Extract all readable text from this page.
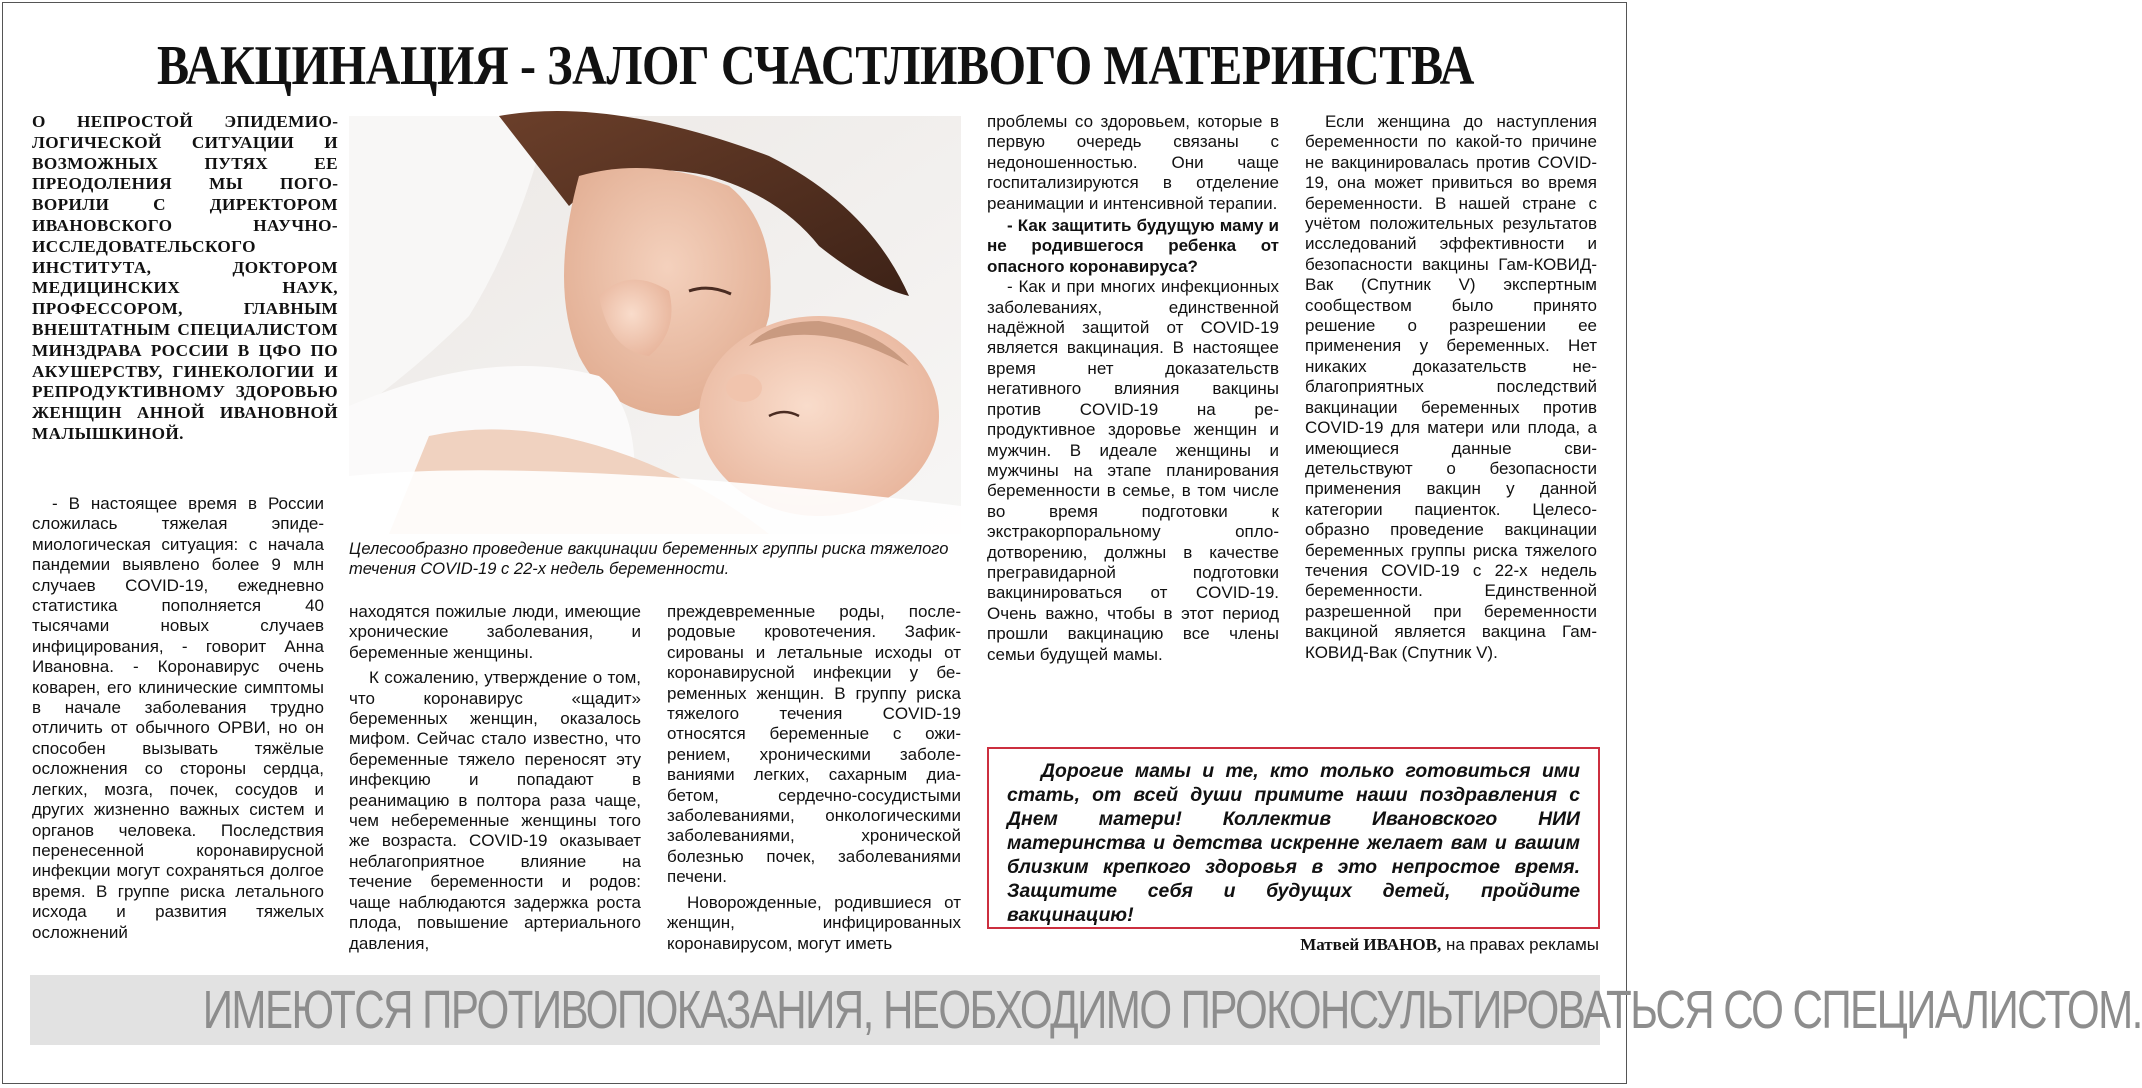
ВАКЦИНАЦИЯ - ЗАЛОГ СЧАСТЛИВОГО МАТЕРИНСТВА
О НЕПРОСТОЙ ЭПИДЕМИОЛОГИЧЕСКОЙ СИТУАЦИИ И ВОЗМОЖНЫХ ПУТЯХ ЕЕ ПРЕОДОЛЕНИЯ МЫ ПОГОВОРИЛИ С ДИРЕКТОРОМ ИВАНОВСКОГО НАУЧНО-ИССЛЕДОВАТЕЛЬСКОГО ИНСТИТУТА, ДОКТОРОМ МЕДИЦИНСКИХ НАУК, ПРОФЕССОРОМ, ГЛАВНЫМ ВНЕШТАТНЫМ СПЕЦИАЛИСТОМ МИНЗДРАВА РОССИИ В ЦФО ПО АКУШЕРСТВУ, ГИНЕКОЛОГИИ И РЕПРОДУКТИВНОМУ ЗДОРОВЬЮ ЖЕНЩИН АННОЙ ИВАНОВНОЙ МАЛЫШКИНОЙ.
Целесообразно проведение вакцинации беременных группы риска тяжелого течения COVID-19 с 22-х недель беременности.

- В настоящее время в России сложилась тяжелая эпидемиологическая ситуация: с начала пандемии выявлено более 9 млн случаев COVID-19, ежедневно статистика пополняется 40 тысячами новых случаев инфицирования, - говорит Анна Ивановна. - Коронавирус очень коварен, его клинические симптомы в начале заболевания трудно отличить от обычного ОРВИ, но он способен вызывать тяжёлые осложнения со стороны сердца, легких, мозга, почек, сосудов и других жизненно важных систем и органов человека. Последствия перенесенной коронавирусной инфекции могут сохраняться долгое время. В группе риска летального исхода и развития тяжелых осложнений

находятся пожилые люди, имеющие хронические заболевания, и беременные женщины.

К сожалению, утверждение о том, что коронавирус «щадит» беременных женщин, оказалось мифом. Сейчас стало известно, что беременные тяжело переносят эту инфекцию и попадают в реанимацию в полтора раза чаще, чем небеременные женщины того же возраста. COVID-19 оказывает неблагоприятное влияние на течение беременности и родов: чаще наблюдаются задержка роста плода, повышение артериального давления,

преждевременные роды, послеродовые кровотечения. Зафиксированы и летальные исходы от коронавирусной инфекции у беременных женщин. В группу риска тяжелого течения COVID-19 относятся беременные с ожирением, хроническими заболеваниями легких, сахарным диабетом, сердечно-сосудистыми заболеваниями, онкологическими заболеваниями, хронической болезнью почек, заболеваниями печени.

Новорожденные, родившиеся от женщин, инфицированных коронавирусом, могут иметь

проблемы со здоровьем, которые в первую очередь связаны с недоношенностью. Они чаще госпитализируются в отделение реанимации и интенсивной терапии.

- Как защитить будущую маму и не родившегося ребенка от опасного коронавируса?

- Как и при многих инфекционных заболеваниях, единственной надёжной защитой от COVID-19 является вакцинация. В настоящее время нет доказательств негативного влияния вакцины против COVID-19 на репродуктивное здоровье женщин и мужчин. В идеале женщины и мужчины на этапе планирования беременности в семье, в том числе во время подготовки к экстракорпоральному оплодотворению, должны в качестве прегравидарной подготовки вакцинироваться от COVID-19. Очень важно, чтобы в этот период прошли вакцинацию все члены семьи будущей мамы.

Если женщина до наступления беременности по какой-то причине не вакцинировалась против COVID-19, она может привиться во время беременности. В нашей стране с учётом положительных результатов исследований эффективности и безопасности вакцины Гам-КОВИД-Вак (Спутник V) экспертным сообществом было принято решение о разрешении ее применения у беременных. Нет никаких доказательств неблагоприятных последствий вакцинации беременных против COVID-19 для матери или плода, а имеющиеся данные свидетельствуют о безопасности применения вакцин у данной категории пациенток. Целесообразно проведение вакцинации беременных группы риска тяжелого течения COVID-19 с 22-х недель беременности. Единственной разрешенной при беременности вакциной является вакцина Гам-КОВИД-Вак (Спутник V).

Дорогие мамы и те, кто только готовиться ими стать, от всей души примите наши поздравления с Днем матери! Коллектив Ивановского НИИ материнства и детства искренне желает вам и вашим близким крепкого здоровья в это непростое время. Защитите себя и будущих детей, пройдите вакцинацию!

Матвей ИВАНОВ, на правах рекламы
ИМЕЮТСЯ ПРОТИВОПОКАЗАНИЯ, НЕОБХОДИМО ПРОКОНСУЛЬТИРОВАТЬСЯ СО СПЕЦИАЛИСТОМ.
